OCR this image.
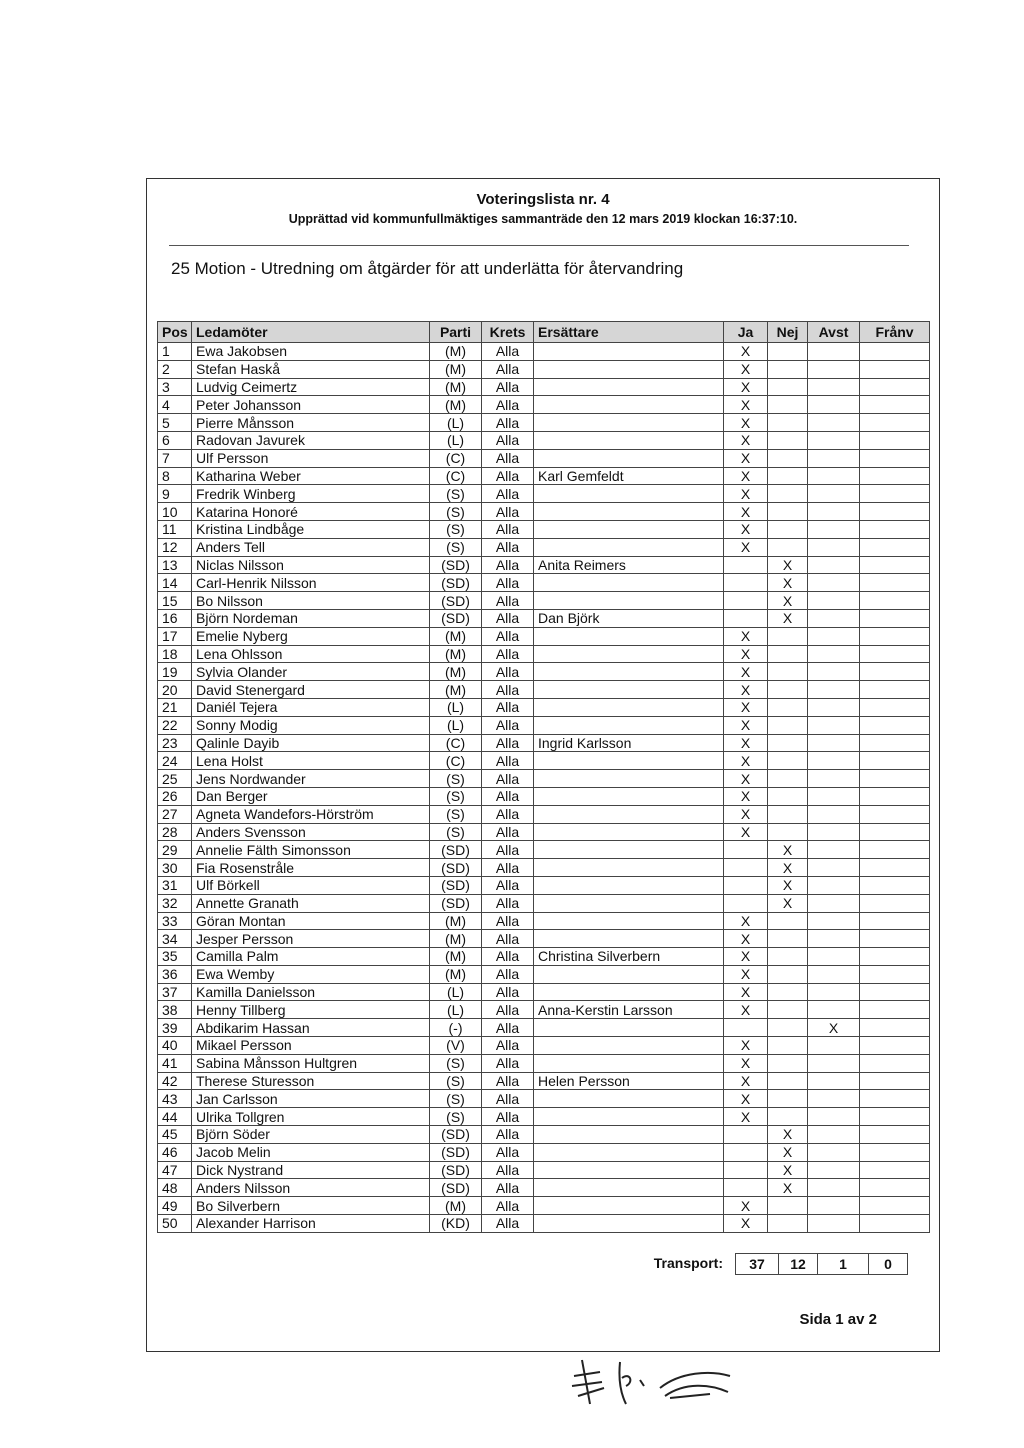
Voteringslista nr. 4
Upprättad vid kommunfullmäktiges sammanträde den 12 mars 2019 klockan 16:37:10.
25 Motion - Utredning om åtgärder för att underlätta för återvandring
Pos	Ledamöter	Parti	Krets	Ersättare	Ja	Nej	Avst	Frånv
1	Ewa Jakobsen	(M)	Alla		X			
2	Stefan Haskå	(M)	Alla		X			
3	Ludvig Ceimertz	(M)	Alla		X			
4	Peter Johansson	(M)	Alla		X			
5	Pierre Månsson	(L)	Alla		X			
6	Radovan Javurek	(L)	Alla		X			
7	Ulf Persson	(C)	Alla		X			
8	Katharina Weber	(C)	Alla	Karl Gemfeldt	X			
9	Fredrik Winberg	(S)	Alla		X			
10	Katarina Honoré	(S)	Alla		X			
11	Kristina Lindbåge	(S)	Alla		X			
12	Anders Tell	(S)	Alla		X			
13	Niclas Nilsson	(SD)	Alla	Anita Reimers		X		
14	Carl-Henrik Nilsson	(SD)	Alla			X		
15	Bo Nilsson	(SD)	Alla			X		
16	Björn Nordeman	(SD)	Alla	Dan Björk		X		
17	Emelie Nyberg	(M)	Alla		X			
18	Lena Ohlsson	(M)	Alla		X			
19	Sylvia Olander	(M)	Alla		X			
20	David Stenergard	(M)	Alla		X			
21	Daniél Tejera	(L)	Alla		X			
22	Sonny Modig	(L)	Alla		X			
23	Qalinle Dayib	(C)	Alla	Ingrid Karlsson	X			
24	Lena Holst	(C)	Alla		X			
25	Jens Nordwander	(S)	Alla		X			
26	Dan Berger	(S)	Alla		X			
27	Agneta Wandefors-Hörström	(S)	Alla		X			
28	Anders Svensson	(S)	Alla		X			
29	Annelie Fälth Simonsson	(SD)	Alla			X		
30	Fia Rosenstråle	(SD)	Alla			X		
31	Ulf Börkell	(SD)	Alla			X		
32	Annette Granath	(SD)	Alla			X		
33	Göran Montan	(M)	Alla		X			
34	Jesper Persson	(M)	Alla		X			
35	Camilla Palm	(M)	Alla	Christina Silverbern	X			
36	Ewa Wemby	(M)	Alla		X			
37	Kamilla Danielsson	(L)	Alla		X			
38	Henny Tillberg	(L)	Alla	Anna-Kerstin Larsson	X			
39	Abdikarim Hassan	(-)	Alla				X	
40	Mikael Persson	(V)	Alla		X			
41	Sabina Månsson Hultgren	(S)	Alla		X			
42	Therese Sturesson	(S)	Alla	Helen Persson	X			
43	Jan Carlsson	(S)	Alla		X			
44	Ulrika Tollgren	(S)	Alla		X			
45	Björn Söder	(SD)	Alla			X		
46	Jacob Melin	(SD)	Alla			X		
47	Dick Nystrand	(SD)	Alla			X		
48	Anders Nilsson	(SD)	Alla			X		
49	Bo Silverbern	(M)	Alla		X			
50	Alexander Harrison	(KD)	Alla		X			
Transport:	37	12	1	0
Sida 1 av 2
